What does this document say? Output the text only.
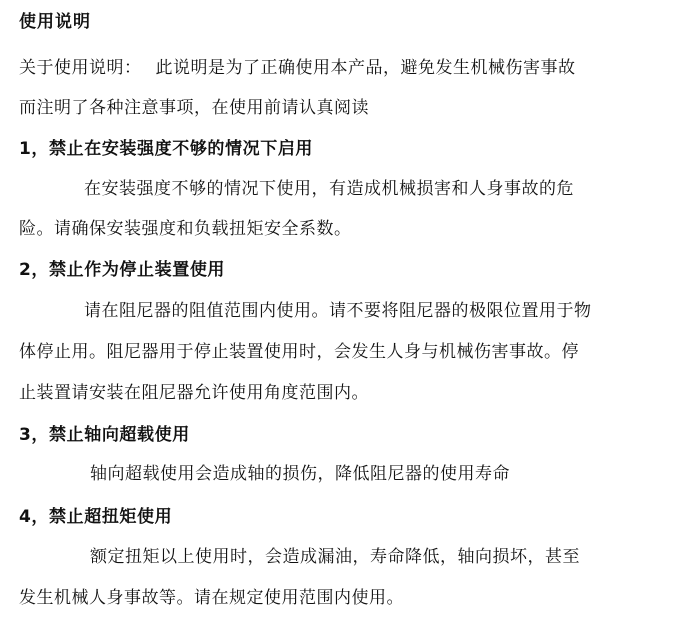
使用说明
关于使用说明： 此说明是为了正确使用本产品，避免发生机械伤害事故
而注明了各种注意事项，在使用前请认真阅读
1，禁止在安装强度不够的情况下启用
在安装强度不够的情况下使用，有造成机械损害和人身事故的危
险。请确保安装强度和负载扭矩安全系数。
2，禁止作为停止装置使用
请在阻尼器的阻值范围内使用。请不要将阻尼器的极限位置用于物
体停止用。阻尼器用于停止装置使用时，会发生人身与机械伤害事故。停
止装置请安装在阻尼器允许使用角度范围内。
3，禁止轴向超载使用
轴向超载使用会造成轴的损伤，降低阻尼器的使用寿命
4，禁止超扭矩使用
额定扭矩以上使用时，会造成漏油，寿命降低，轴向损坏，甚至
发生机械人身事故等。请在规定使用范围内使用。
